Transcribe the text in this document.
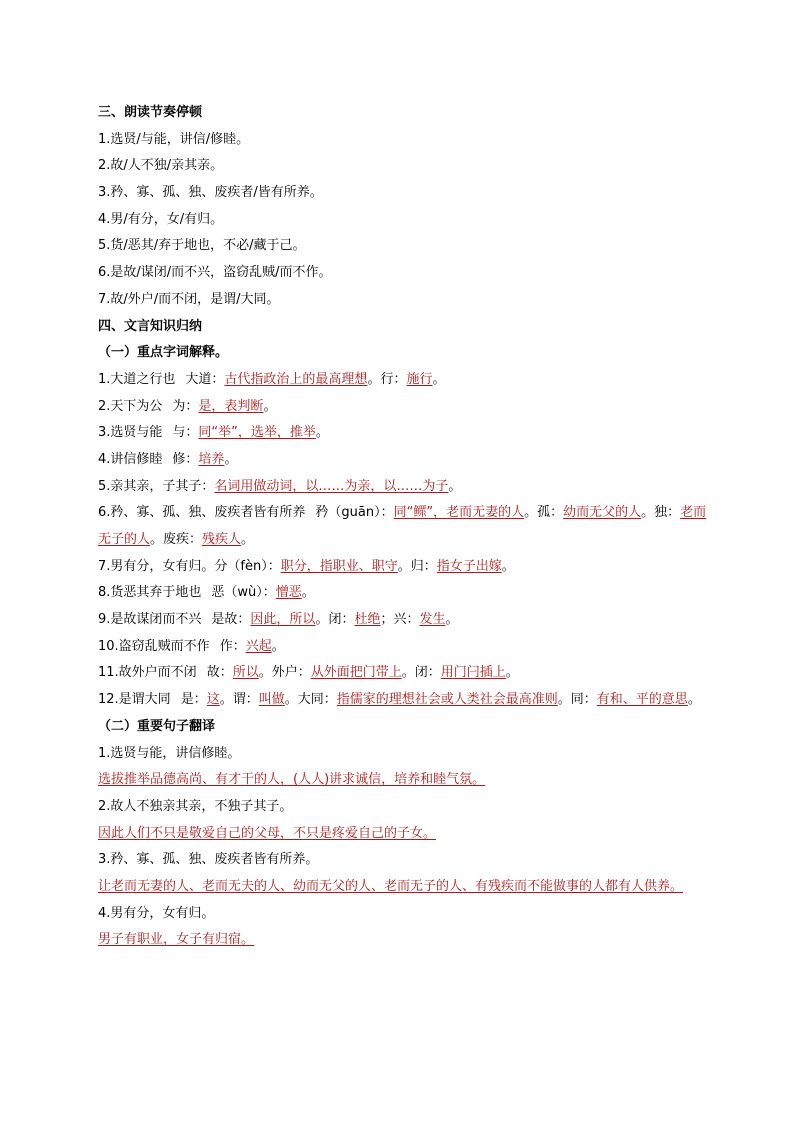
三、朗读节奏停顿
1.选贤/与能，讲信/修睦。
2.故/人不独/亲其亲。
3.矜、寡、孤、独、废疾者/皆有所养。
4.男/有分，女/有归。
5.货/恶其/弃于地也，不必/藏于己。
6.是故/谋闭/而不兴，盗窃乱贼/而不作。
7.故/外户/而不闭，是谓/大同。
四、文言知识归纳
（一）重点字词解释。
1.大道之行也 大道：古代指政治上的最高理想。行：施行。
2.天下为公 为：是，表判断。
3.选贤与能 与：同“举”，选举，推举。
4.讲信修睦 修：培养。
5.亲其亲，子其子：名词用做动词，以……为亲，以……为子。
6.矜、寡、孤、独、废疾者皆有所养 矜（guān）：同“鳏”，老而无妻的人。孤：幼而无父的人。独：老而无子的人。废疾：残疾人。
7.男有分，女有归。分（fèn）：职分，指职业、职守。归：指女子出嫁。
8.货恶其弃于地也 恶（wù）：憎恶。
9.是故谋闭而不兴 是故：因此，所以。闭：杜绝；兴：发生。
10.盗窃乱贼而不作 作：兴起。
11.故外户而不闭 故：所以。外户：从外面把门带上。闭：用门闩插上。
12.是谓大同 是：这。谓：叫做。大同：指儒家的理想社会或人类社会最高准则。同：有和、平的意思。
（二）重要句子翻译
1.选贤与能，讲信修睦。
选拔推举品德高尚、有才干的人，(人人)讲求诚信，培养和睦气氛。
2.故人不独亲其亲，不独子其子。
因此人们不只是敬爱自己的父母，不只是疼爱自己的子女。
3.矜、寡、孤、独、废疾者皆有所养。
让老而无妻的人、老而无夫的人、幼而无父的人、老而无子的人、有残疾而不能做事的人都有人供养。
4.男有分，女有归。
男子有职业，女子有归宿。
